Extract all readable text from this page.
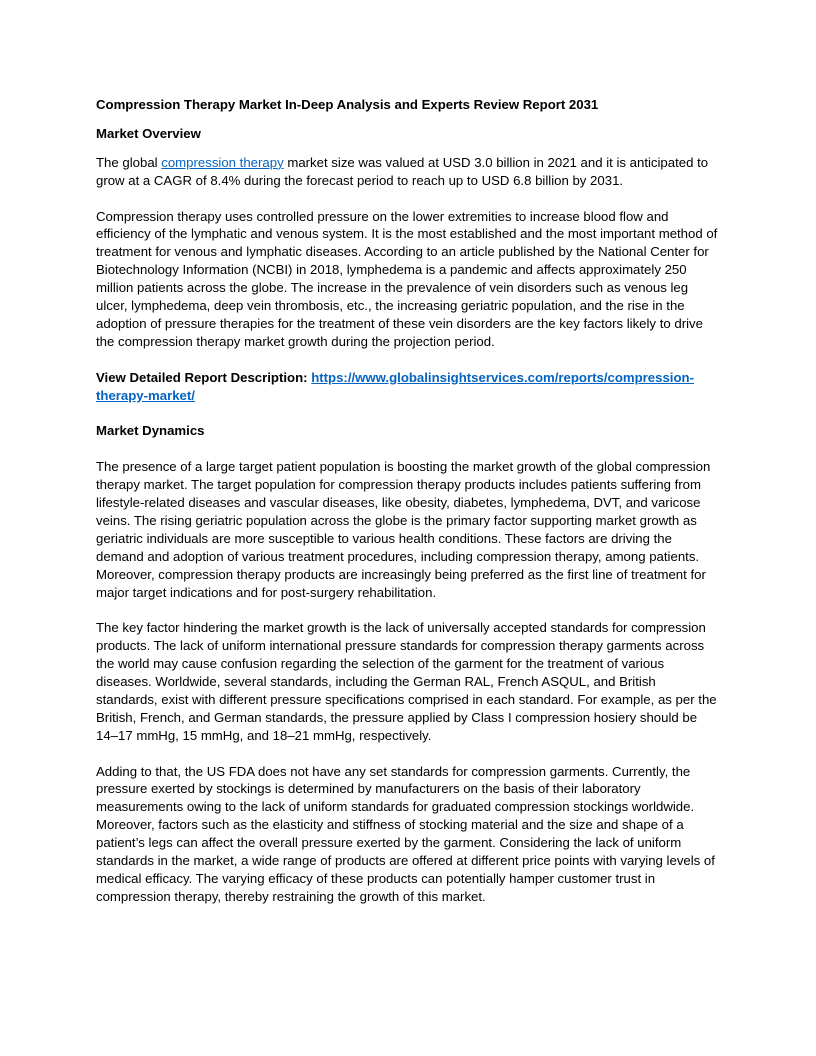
Compression Therapy Market In-Deep Analysis and Experts Review Report 2031
Market Overview

The global compression therapy market size was valued at USD 3.0 billion in 2021 and it is anticipated to grow at a CAGR of 8.4% during the forecast period to reach up to USD 6.8 billion by 2031.

Compression therapy uses controlled pressure on the lower extremities to increase blood flow and efficiency of the lymphatic and venous system. It is the most established and the most important method of treatment for venous and lymphatic diseases. According to an article published by the National Center for Biotechnology Information (NCBI) in 2018, lymphedema is a pandemic and affects approximately 250 million patients across the globe. The increase in the prevalence of vein disorders such as venous leg ulcer, lymphedema, deep vein thrombosis, etc., the increasing geriatric population, and the rise in the adoption of pressure therapies for the treatment of these vein disorders are the key factors likely to drive the compression therapy market growth during the projection period.

View Detailed Report Description: https://www.globalinsightservices.com/reports/compression-therapy-market/

Market Dynamics

The presence of a large target patient population is boosting the market growth of the global compression therapy market. The target population for compression therapy products includes patients suffering from lifestyle-related diseases and vascular diseases, like obesity, diabetes, lymphedema, DVT, and varicose veins. The rising geriatric population across the globe is the primary factor supporting market growth as geriatric individuals are more susceptible to various health conditions. These factors are driving the demand and adoption of various treatment procedures, including compression therapy, among patients. Moreover, compression therapy products are increasingly being preferred as the first line of treatment for major target indications and for post-surgery rehabilitation.

The key factor hindering the market growth is the lack of universally accepted standards for compression products. The lack of uniform international pressure standards for compression therapy garments across the world may cause confusion regarding the selection of the garment for the treatment of various diseases. Worldwide, several standards, including the German RAL, French ASQUL, and British standards, exist with different pressure specifications comprised in each standard. For example, as per the British, French, and German standards, the pressure applied by Class I compression hosiery should be 14–17 mmHg, 15 mmHg, and 18–21 mmHg, respectively.

Adding to that, the US FDA does not have any set standards for compression garments. Currently, the pressure exerted by stockings is determined by manufacturers on the basis of their laboratory measurements owing to the lack of uniform standards for graduated compression stockings worldwide. Moreover, factors such as the elasticity and stiffness of stocking material and the size and shape of a patient’s legs can affect the overall pressure exerted by the garment. Considering the lack of uniform standards in the market, a wide range of products are offered at different price points with varying levels of medical efficacy. The varying efficacy of these products can potentially hamper customer trust in compression therapy, thereby restraining the growth of this market.
